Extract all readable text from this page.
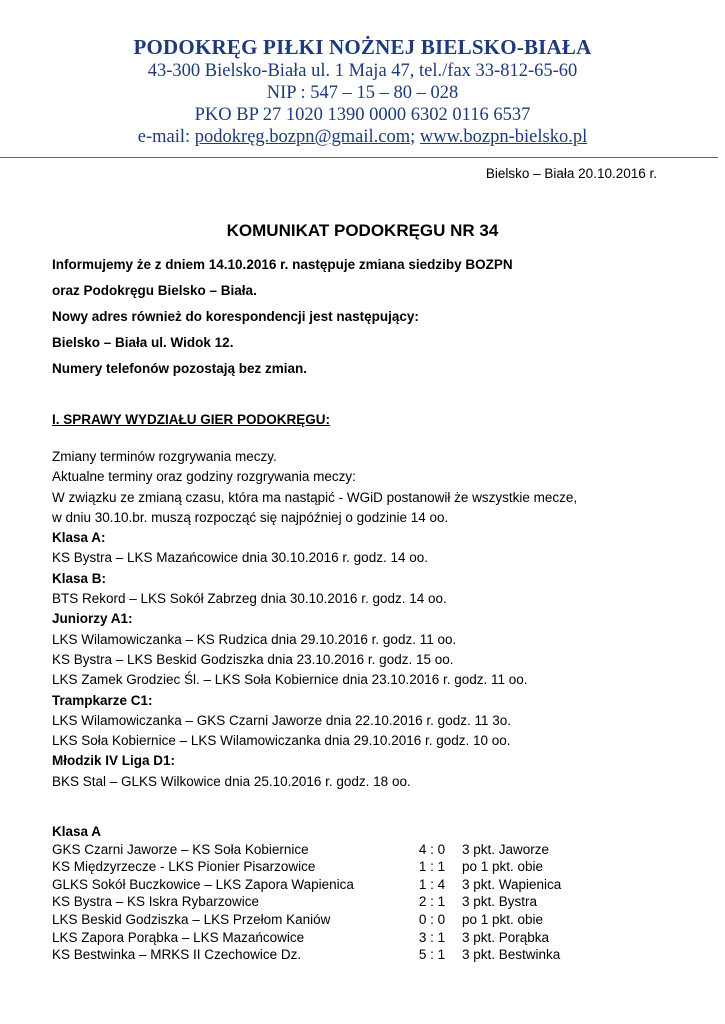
PODOKRĘG PIŁKI NOŻNEJ BIELSKO-BIAŁA
43-300 Bielsko-Biała ul. 1 Maja 47, tel./fax 33-812-65-60
NIP : 547 – 15 – 80 – 028
PKO BP 27 1020 1390 0000 6302 0116 6537
e-mail: podokręg.bozpn@gmail.com; www.bozpn-bielsko.pl
Bielsko – Biała 20.10.2016 r.
KOMUNIKAT PODOKRĘGU NR 34
Informujemy że z dniem 14.10.2016 r. następuje zmiana siedziby BOZPN
oraz Podokręgu Bielsko – Biała.
Nowy adres również do korespondencji jest następujący:
Bielsko – Biała ul. Widok 12.
Numery telefonów pozostają bez zmian.
I. SPRAWY WYDZIAŁU GIER PODOKRĘGU:
Zmiany terminów rozgrywania meczy.
Aktualne terminy oraz godziny rozgrywania meczy:
W związku ze zmianą czasu, która ma nastąpić - WGiD postanowił że wszystkie mecze,
w dniu 30.10.br. muszą rozpocząć się najpóźniej o godzinie 14 oo.
Klasa A:
KS Bystra – LKS Mazańcowice dnia 30.10.2016 r. godz. 14 oo.
Klasa B:
BTS Rekord – LKS Sokół Zabrzeg dnia 30.10.2016 r. godz. 14 oo.
Juniorzy A1:
LKS Wilamowiczanka – KS Rudzica dnia 29.10.2016 r. godz. 11 oo.
KS Bystra – LKS Beskid Godziszka dnia 23.10.2016 r. godz. 15 oo.
LKS Zamek Grodziec Śl. – LKS Soła Kobiernice dnia 23.10.2016 r. godz. 11 oo.
Trampkarze C1:
LKS Wilamowiczanka – GKS Czarni Jaworze dnia 22.10.2016 r. godz. 11 3o.
LKS Soła Kobiernice – LKS Wilamowiczanka dnia 29.10.2016 r. godz. 10 oo.
Młodzik IV Liga D1:
BKS Stal – GLKS Wilkowice dnia 25.10.2016 r. godz. 18 oo.
Klasa A
GKS Czarni Jaworze – KS Soła Kobiernice	4 : 0	3 pkt. Jaworze
KS Międzyrzecze - LKS Pionier Pisarzowice	1 : 1	po 1 pkt. obie
GLKS Sokół Buczkowice – LKS Zapora Wapienica	1 : 4	3 pkt. Wapienica
KS Bystra – KS Iskra Rybarzowice	2 : 1	3 pkt. Bystra
LKS Beskid Godziszka – LKS Przełom Kaniów	0 : 0	po 1 pkt. obie
LKS Zapora Porąbka – LKS Mazańcowice	3 : 1	3 pkt. Porąbka
KS Bestwinka – MRKS II Czechowice Dz.	5 : 1	3 pkt. Bestwinka
